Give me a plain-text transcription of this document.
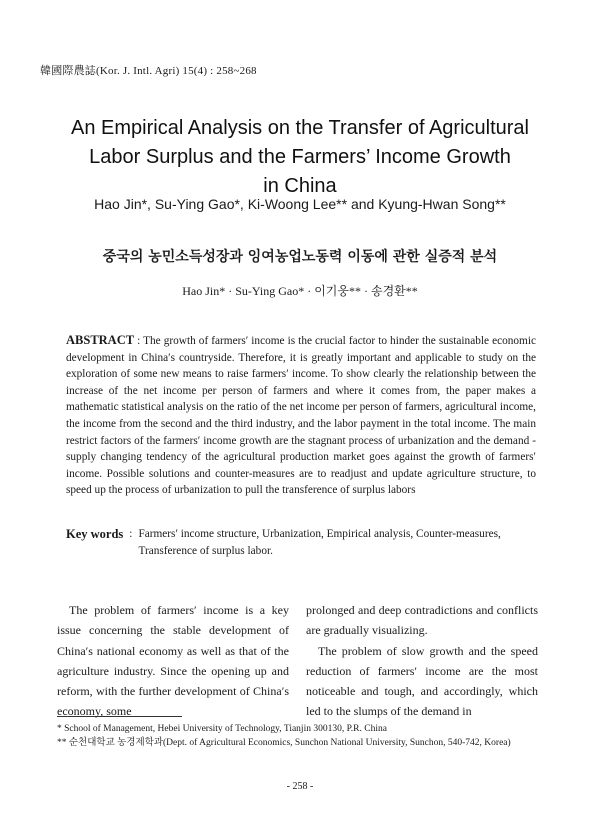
韓國際農誌(Kor. J. Intl. Agri) 15(4) : 258~268
An Empirical Analysis on the Transfer of Agricultural
Labor Surplus and the Farmers’ Income Growth
in China
Hao Jin*, Su-Ying Gao*, Ki-Woong Lee** and Kyung-Hwan Song**
중국의 농민소득성장과 잉여농업노동력 이동에 관한 실증적 분석
Hao Jin* · Su-Ying Gao* · 이기웅** · 송경환**
ABSTRACT : The growth of farmers′ income is the crucial factor to hinder the sustainable economic development in China′s countryside. Therefore, it is greatly important and applicable to study on the exploration of some new means to raise farmers′ income. To show clearly the relationship between the increase of the net income per person of farmers and where it comes from, the paper makes a mathematic statistical analysis on the ratio of the net income per person of farmers, agricultural income, the income from the second and the third industry, and the labor payment in the total income. The main restrict factors of the farmers′ income growth are the stagnant process of urbanization and the demand - supply changing tendency of the agricultural production market goes against the growth of farmers′ income. Possible solutions and counter-measures are to readjust and update agriculture structure, to speed up the process of urbanization to pull the transference of surplus labors
Key words : Farmers′ income structure, Urbanization, Empirical analysis, Counter-measures, Transference of surplus labor.

The problem of farmers′ income is a key issue concerning the stable development of China′s national economy as well as that of the agriculture industry. Since the opening up and reform, with the further development of China′s economy, some

prolonged and deep contradictions and conflicts are gradually visualizing.

The problem of slow growth and the speed reduction of farmers′ income are the most noticeable and tough, and accordingly, which led to the slumps of the demand in

* School of Management, Hebei University of Technology, Tianjin 300130, P.R. China
** 순천대학교 농경제학과(Dept. of Agricultural Economics, Sunchon National University, Sunchon, 540-742, Korea)
- 258 -
